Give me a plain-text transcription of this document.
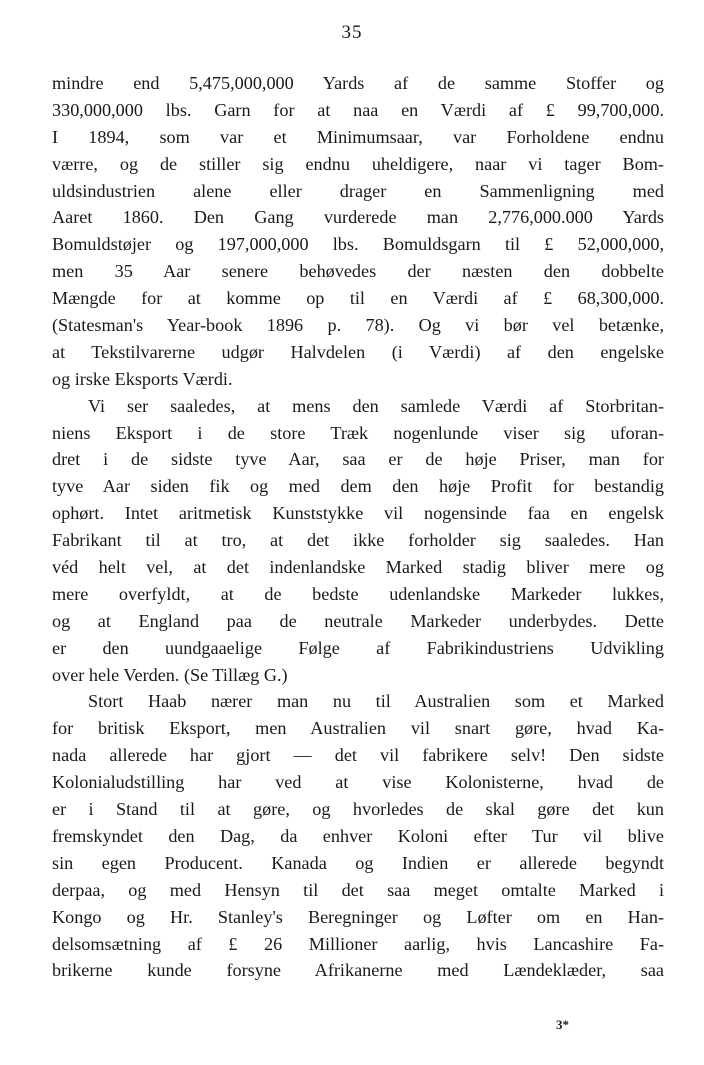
35
mindre end 5,475,000,000 Yards af de samme Stoffer og
330,000,000 lbs. Garn for at naa en Værdi af £ 99,700,000.
I 1894, som var et Minimumsaar, var Forholdene endnu
værre, og de stiller sig endnu uheldigere, naar vi tager Bom-
uldsindustrien alene eller drager en Sammenligning med
Aaret 1860. Den Gang vurderede man 2,776,000.000 Yards
Bomuldstøjer og 197,000,000 lbs. Bomuldsgarn til £ 52,000,000,
men 35 Aar senere behøvedes der næsten den dobbelte
Mængde for at komme op til en Værdi af £ 68,300,000.
(Statesman's Year-book 1896 p. 78). Og vi bør vel betænke,
at Tekstilvarerne udgør Halvdelen (i Værdi) af den engelske
og irske Eksports Værdi.
Vi ser saaledes, at mens den samlede Værdi af Storbritan-
niens Eksport i de store Træk nogenlunde viser sig uforan-
dret i de sidste tyve Aar, saa er de høje Priser, man for
tyve Aar siden fik og med dem den høje Profit for bestandig
ophørt. Intet aritmetisk Kunststykke vil nogensinde faa en engelsk
Fabrikant til at tro, at det ikke forholder sig saaledes. Han
véd helt vel, at det indenlandske Marked stadig bliver mere og
mere overfyldt, at de bedste udenlandske Markeder lukkes,
og at England paa de neutrale Markeder underbydes. Dette
er den uundgaaelige Følge af Fabrikindustriens Udvikling
over hele Verden. (Se Tillæg G.)
Stort Haab nærer man nu til Australien som et Marked
for britisk Eksport, men Australien vil snart gøre, hvad Ka-
nada allerede har gjort — det vil fabrikere selv! Den sidste
Kolonialudstilling har ved at vise Kolonisterne, hvad de
er i Stand til at gøre, og hvorledes de skal gøre det kun
fremskyndet den Dag, da enhver Koloni efter Tur vil blive
sin egen Producent. Kanada og Indien er allerede begyndt
derpaa, og med Hensyn til det saa meget omtalte Marked i
Kongo og Hr. Stanley's Beregninger og Løfter om en Han-
delsomsætning af £ 26 Millioner aarlig, hvis Lancashire Fa-
brikerne kunde forsyne Afrikanerne med Lændeklæder, saa
3*
